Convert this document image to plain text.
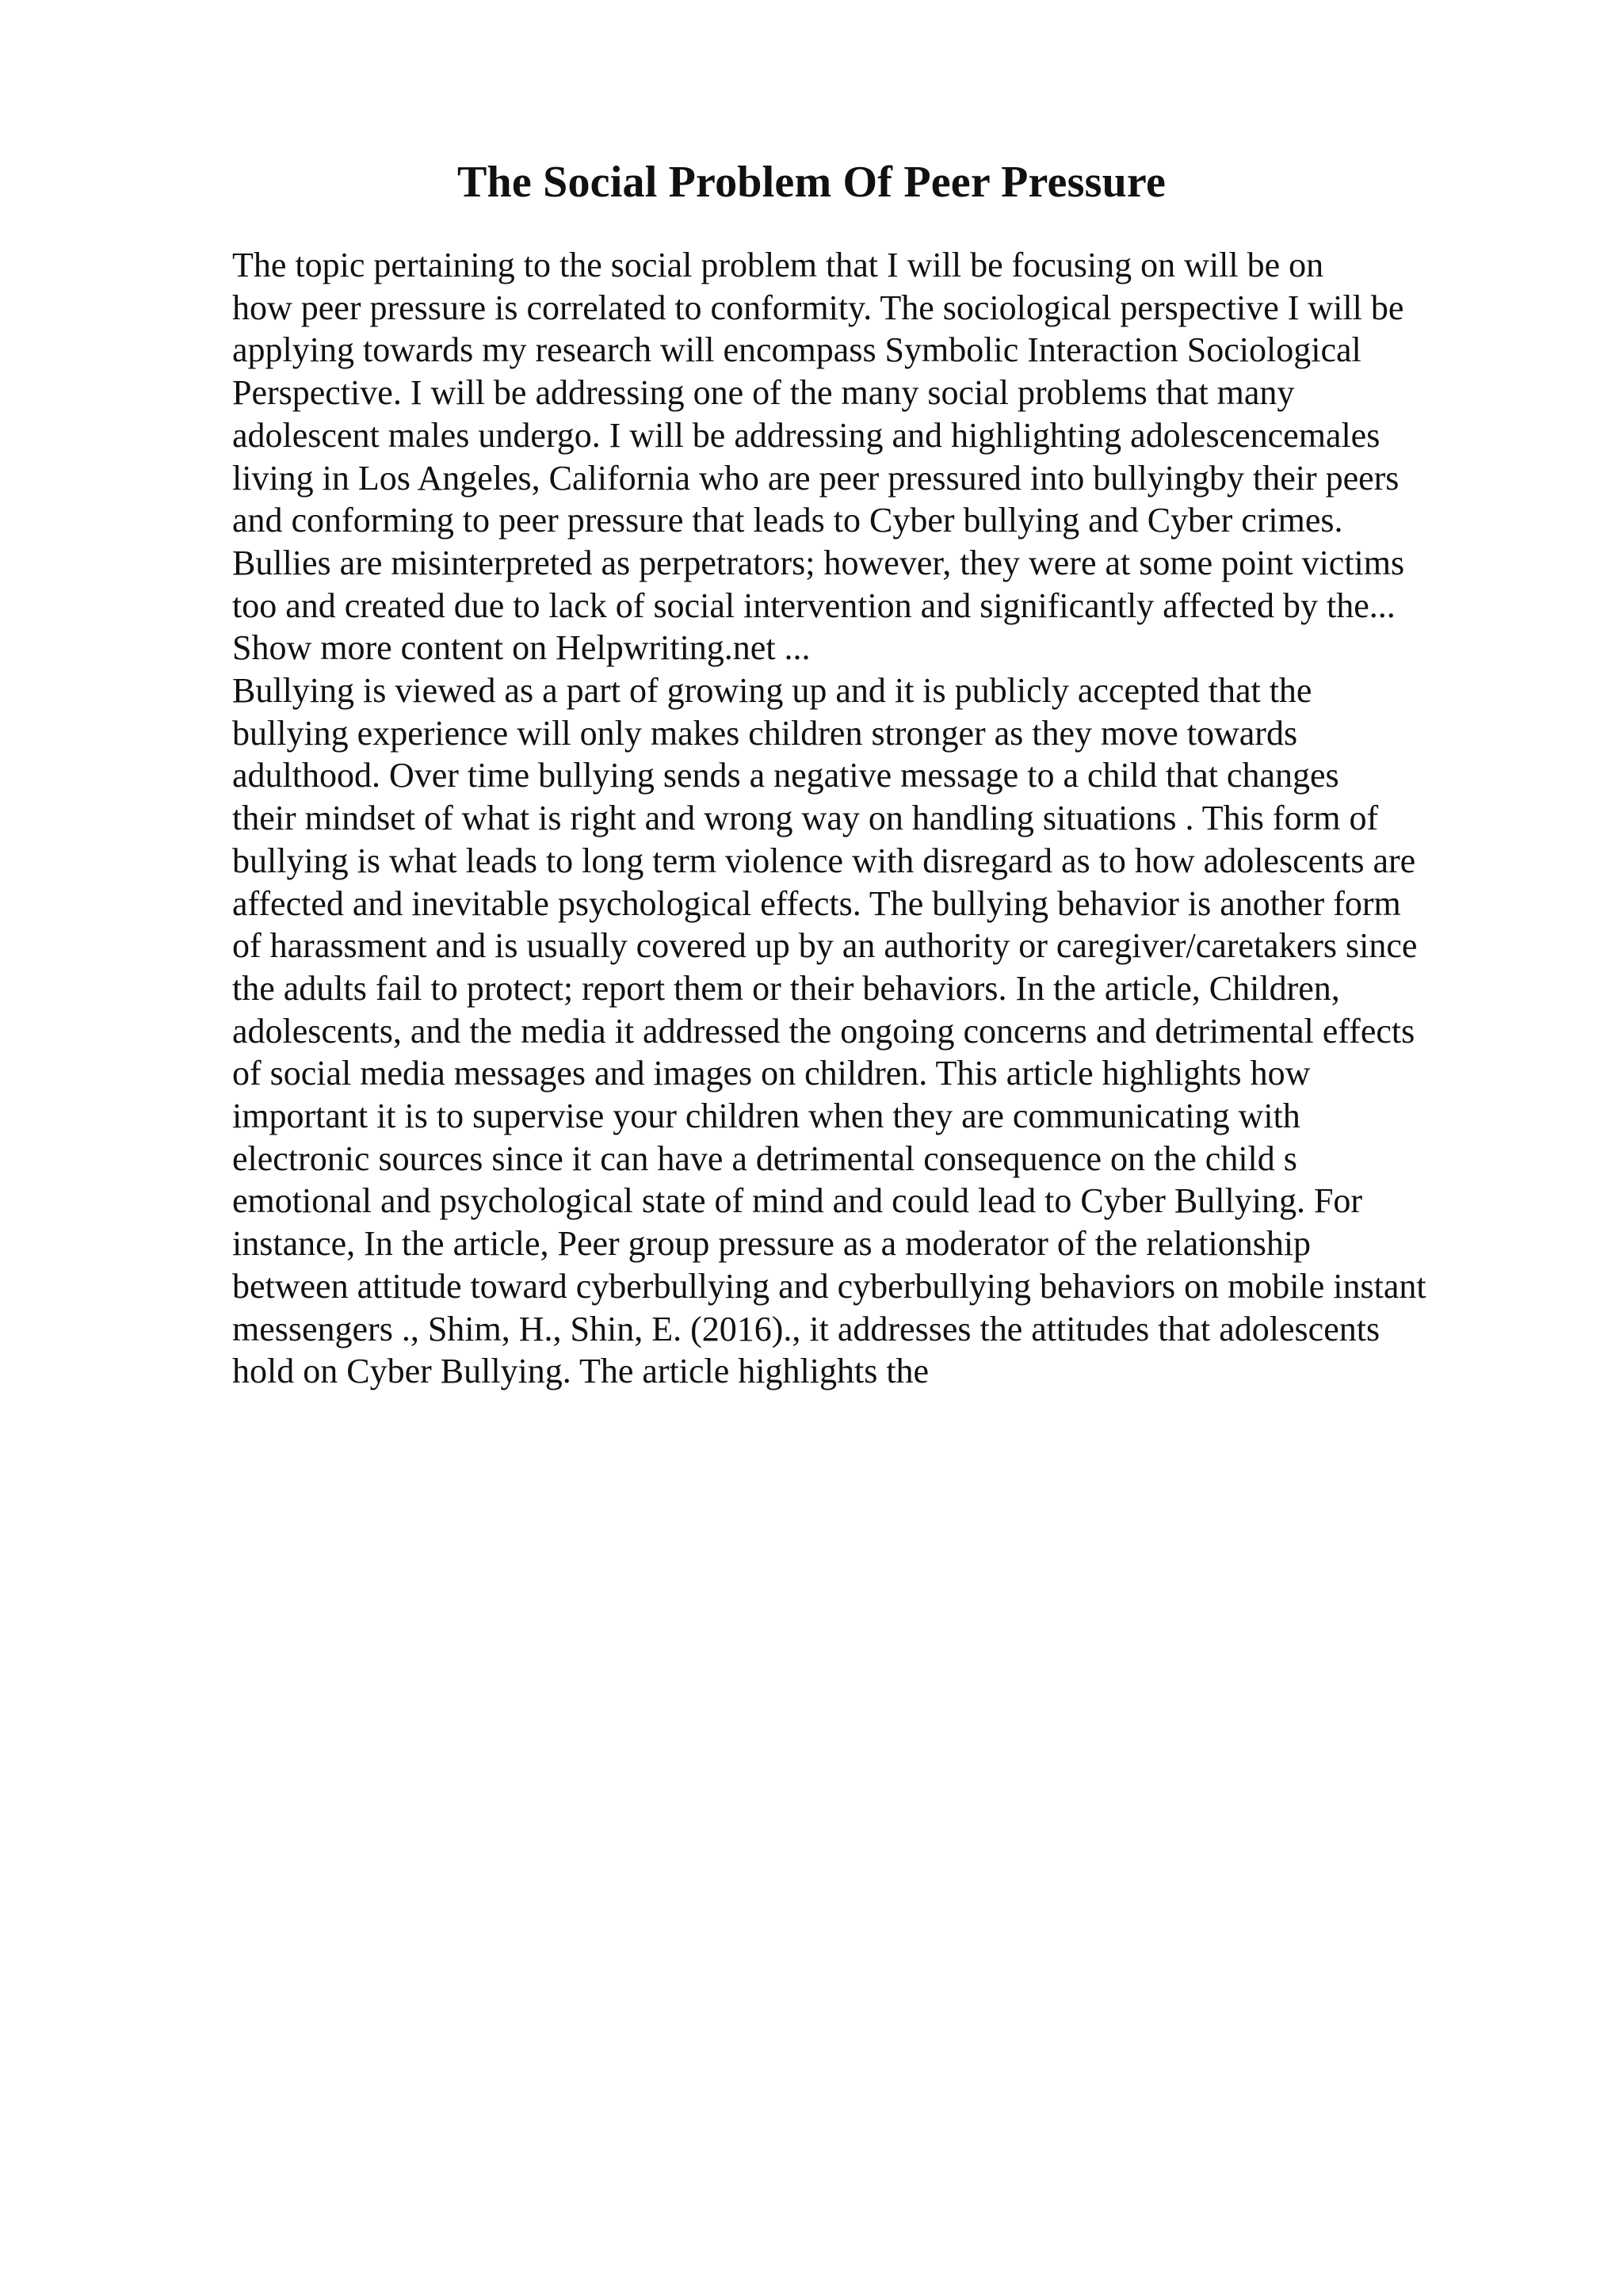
The Social Problem Of Peer Pressure
The topic pertaining to the social problem that I will be focusing on will be on
how peer pressure is correlated to conformity. The sociological perspective I will be
applying towards my research will encompass Symbolic Interaction Sociological
Perspective. I will be addressing one of the many social problems that many
adolescent males undergo. I will be addressing and highlighting adolescencemales
living in Los Angeles, California who are peer pressured into bullyingby their peers
and conforming to peer pressure that leads to Cyber bullying and Cyber crimes.
Bullies are misinterpreted as perpetrators; however, they were at some point victims
too and created due to lack of social intervention and significantly affected by the...
Show more content on Helpwriting.net ...
Bullying is viewed as a part of growing up and it is publicly accepted that the
bullying experience will only makes children stronger as they move towards
adulthood. Over time bullying sends a negative message to a child that changes
their mindset of what is right and wrong way on handling situations . This form of
bullying is what leads to long term violence with disregard as to how adolescents are
affected and inevitable psychological effects. The bullying behavior is another form
of harassment and is usually covered up by an authority or caregiver/caretakers since
the adults fail to protect; report them or their behaviors. In the article, Children,
adolescents, and the media it addressed the ongoing concerns and detrimental effects
of social media messages and images on children. This article highlights how
important it is to supervise your children when they are communicating with
electronic sources since it can have a detrimental consequence on the child s
emotional and psychological state of mind and could lead to Cyber Bullying. For
instance, In the article, Peer group pressure as a moderator of the relationship
between attitude toward cyberbullying and cyberbullying behaviors on mobile instant
messengers ., Shim, H., Shin, E. (2016)., it addresses the attitudes that adolescents
hold on Cyber Bullying. The article highlights the
